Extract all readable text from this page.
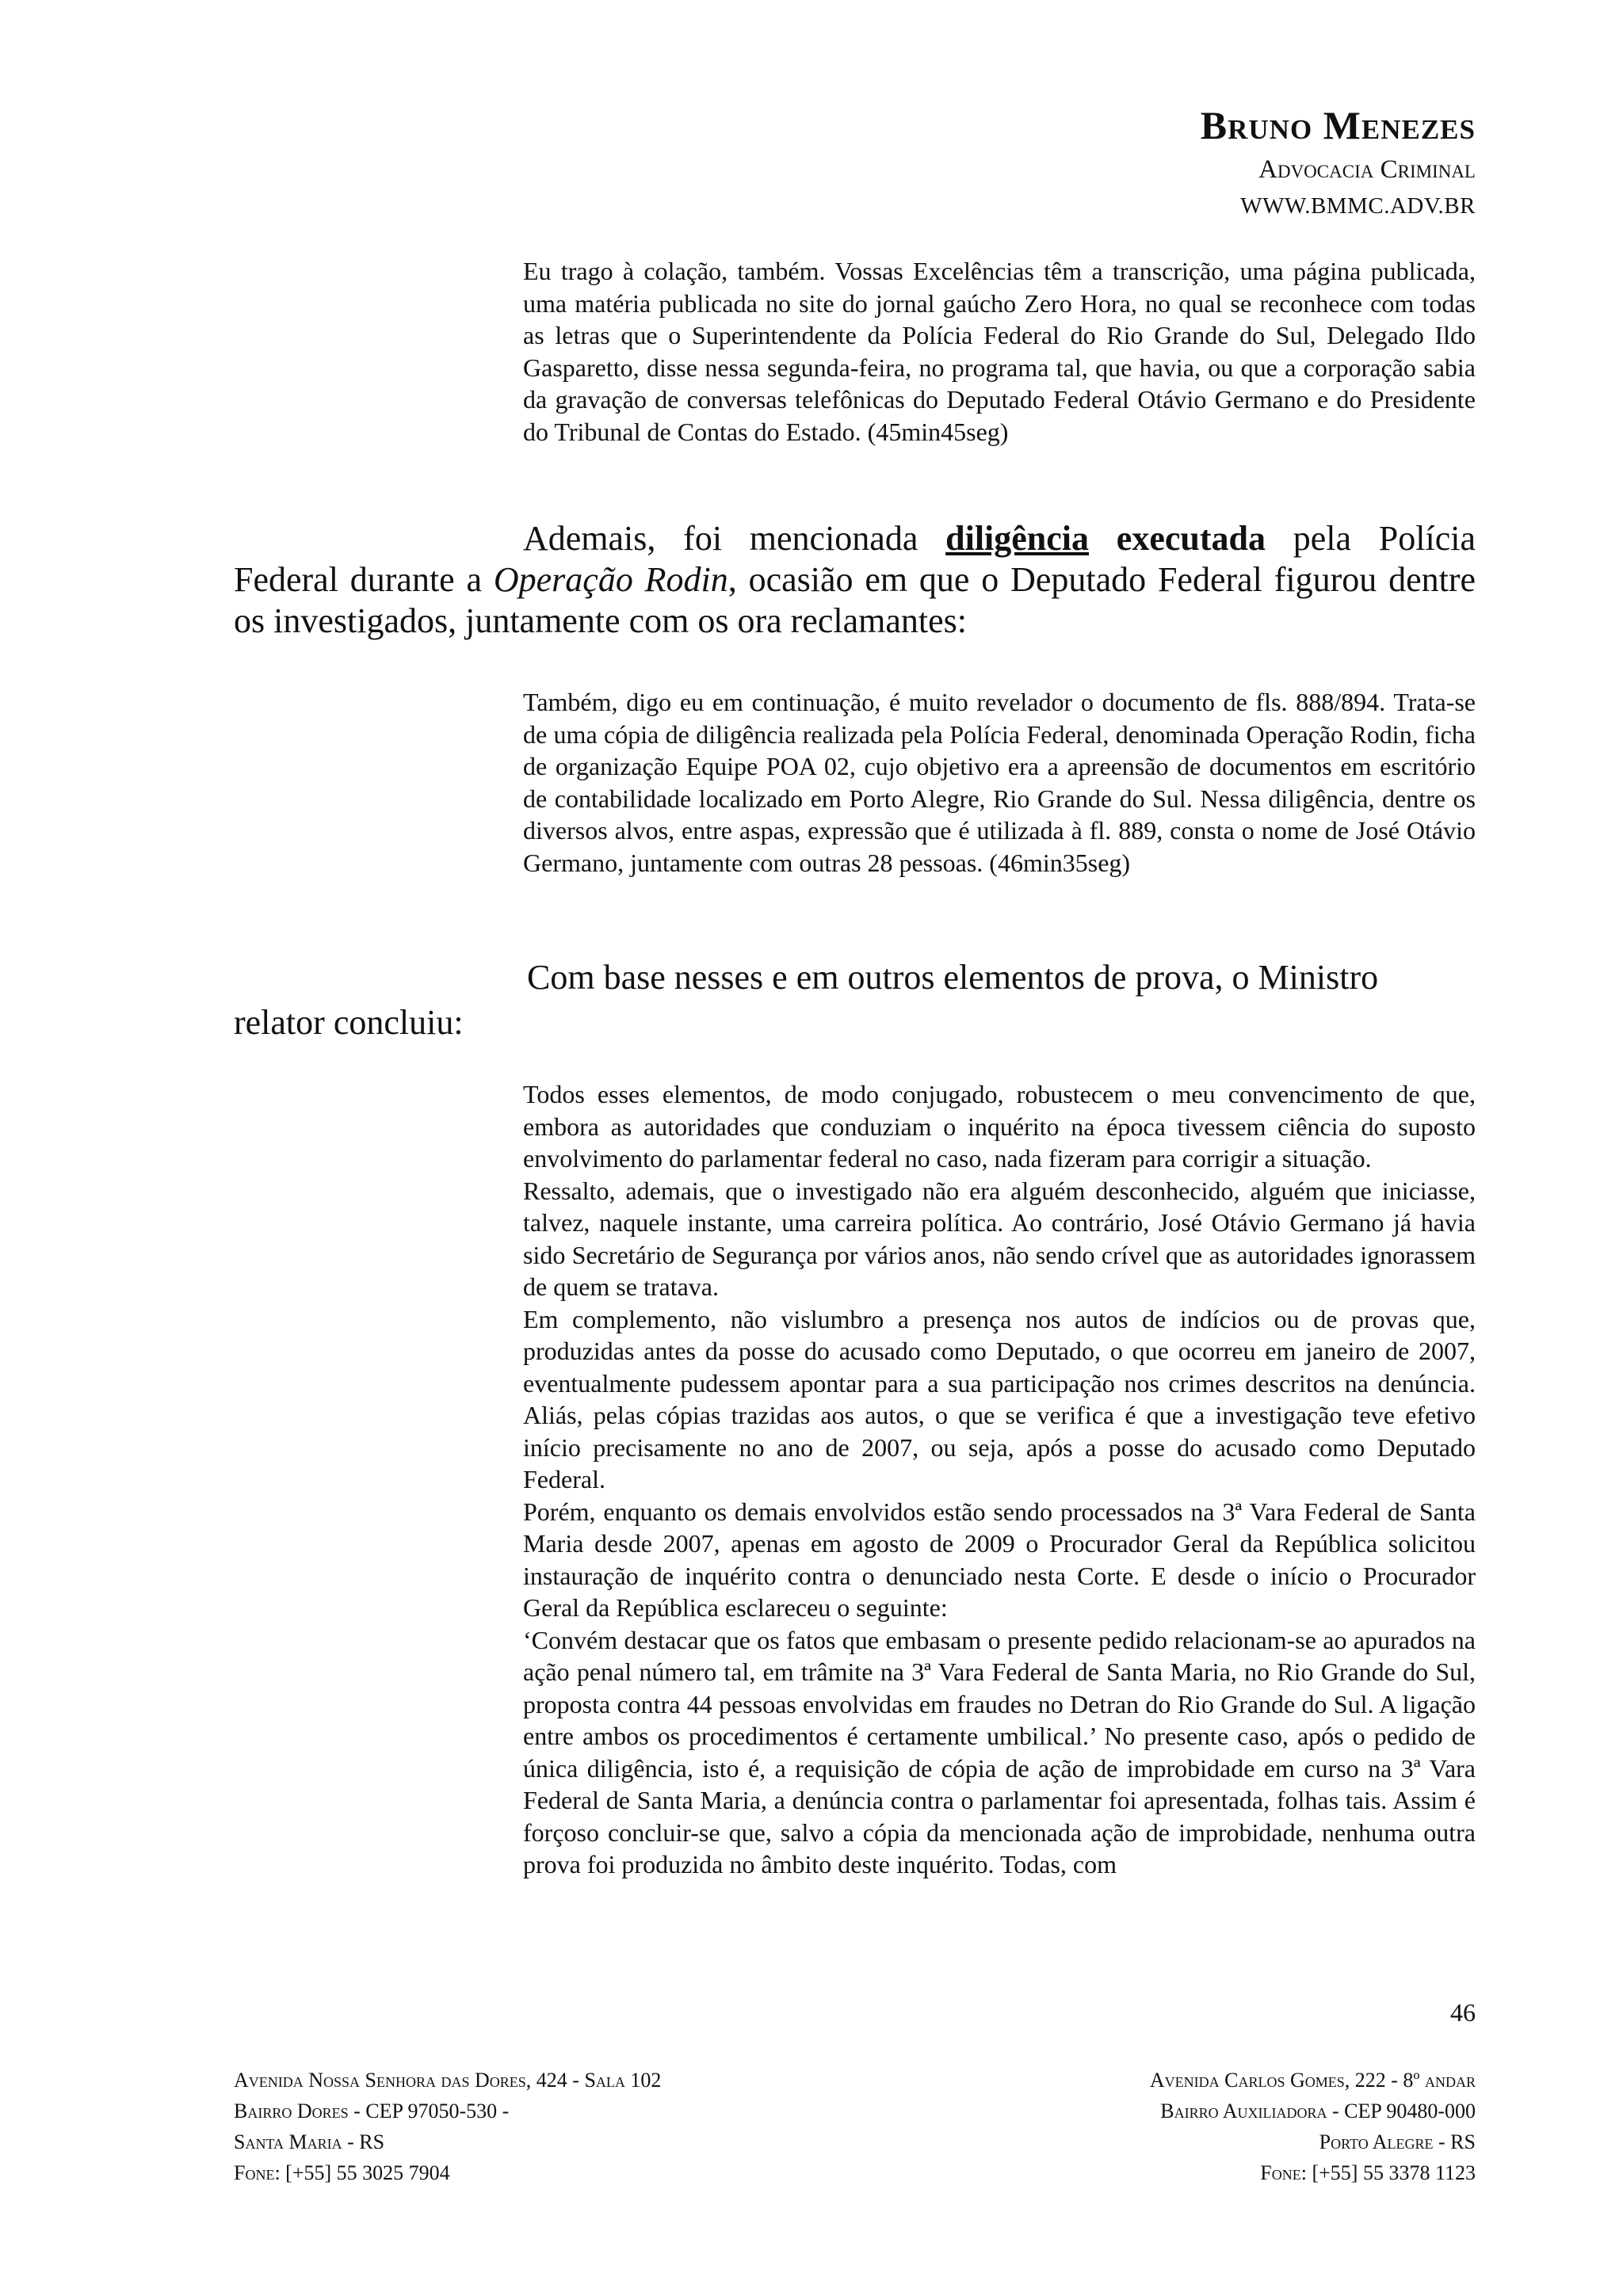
Bruno Menezes
Advocacia Criminal
WWW.BMMC.ADV.BR

Eu trago à colação, também. Vossas Excelências têm a transcrição, uma página publicada, uma matéria publicada no site do jornal gaúcho Zero Hora, no qual se reconhece com todas as letras que o Superintendente da Polícia Federal do Rio Grande do Sul, Delegado Ildo Gasparetto, disse nessa segunda-feira, no programa tal, que havia, ou que a corporação sabia da gravação de conversas telefônicas do Deputado Federal Otávio Germano e do Presidente do Tribunal de Contas do Estado. (45min45seg)

Ademais, foi mencionada diligência executada pela Polícia Federal durante a Operação Rodin, ocasião em que o Deputado Federal figurou dentre os investigados, juntamente com os ora reclamantes:

Também, digo eu em continuação, é muito revelador o documento de fls. 888/894. Trata-se de uma cópia de diligência realizada pela Polícia Federal, denominada Operação Rodin, ficha de organização Equipe POA 02, cujo objetivo era a apreensão de documentos em escritório de contabilidade localizado em Porto Alegre, Rio Grande do Sul. Nessa diligência, dentre os diversos alvos, entre aspas, expressão que é utilizada à fl. 889, consta o nome de José Otávio Germano, juntamente com outras 28 pessoas. (46min35seg)

Com base nesses e em outros elementos de prova, o Ministro
relator concluiu:

Todos esses elementos, de modo conjugado, robustecem o meu convencimento de que, embora as autoridades que conduziam o inquérito na época tivessem ciência do suposto envolvimento do parlamentar federal no caso, nada fizeram para corrigir a situação.

Ressalto, ademais, que o investigado não era alguém desconhecido, alguém que iniciasse, talvez, naquele instante, uma carreira política. Ao contrário, José Otávio Germano já havia sido Secretário de Segurança por vários anos, não sendo crível que as autoridades ignorassem de quem se tratava.

Em complemento, não vislumbro a presença nos autos de indícios ou de provas que, produzidas antes da posse do acusado como Deputado, o que ocorreu em janeiro de 2007, eventualmente pudessem apontar para a sua participação nos crimes descritos na denúncia. Aliás, pelas cópias trazidas aos autos, o que se verifica é que a investigação teve efetivo início precisamente no ano de 2007, ou seja, após a posse do acusado como Deputado Federal.

Porém, enquanto os demais envolvidos estão sendo processados na 3ª Vara Federal de Santa Maria desde 2007, apenas em agosto de 2009 o Procurador Geral da República solicitou instauração de inquérito contra o denunciado nesta Corte. E desde o início o Procurador Geral da República esclareceu o seguinte:

‘Convém destacar que os fatos que embasam o presente pedido relacionam-se ao apurados na ação penal número tal, em trâmite na 3ª Vara Federal de Santa Maria, no Rio Grande do Sul, proposta contra 44 pessoas envolvidas em fraudes no Detran do Rio Grande do Sul. A ligação entre ambos os procedimentos é certamente umbilical.’ No presente caso, após o pedido de única diligência, isto é, a requisição de cópia de ação de improbidade em curso na 3ª Vara Federal de Santa Maria, a denúncia contra o parlamentar foi apresentada, folhas tais. Assim é forçoso concluir-se que, salvo a cópia da mencionada ação de improbidade, nenhuma outra prova foi produzida no âmbito deste inquérito. Todas, com

46
Avenida Nossa Senhora das Dores, 424 - Sala 102
Bairro Dores - CEP 97050-530 -
Santa Maria - RS
Fone: [+55] 55 3025 7904
Avenida Carlos Gomes, 222 - 8º andar
Bairro Auxiliadora - CEP 90480-000
Porto Alegre - RS
Fone: [+55] 55 3378 1123
